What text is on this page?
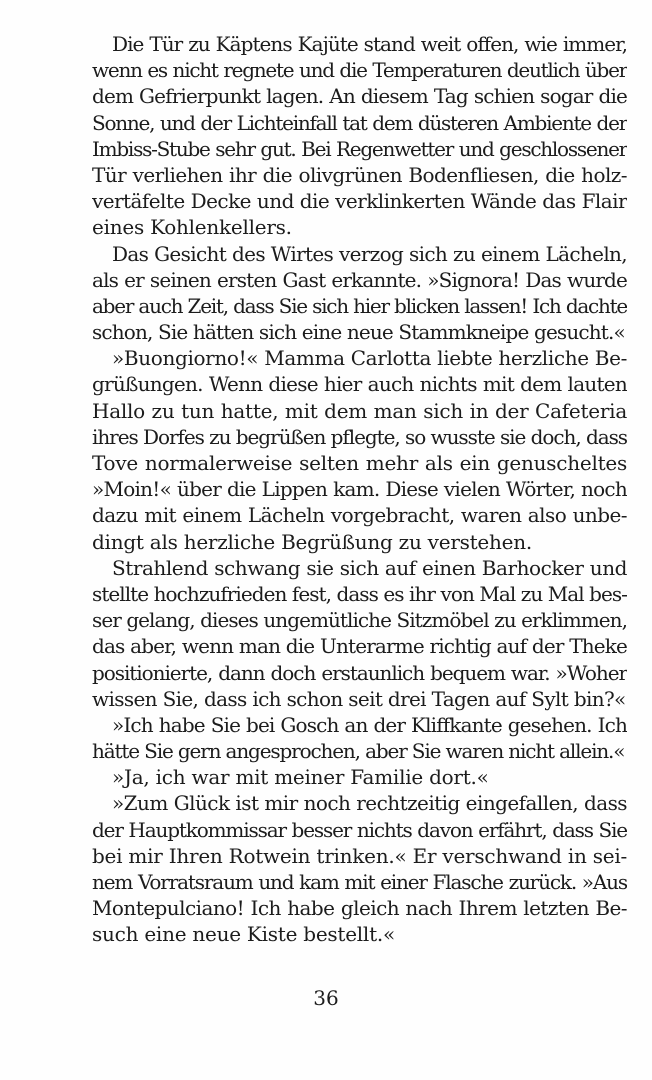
Die Tür zu Käptens Kajüte stand weit offen, wie immer,
wenn es nicht regnete und die Temperaturen deutlich über
dem Gefrierpunkt lagen. An diesem Tag schien sogar die
Sonne, und der Lichteinfall tat dem düsteren Ambiente der
Imbiss-Stube sehr gut. Bei Regenwetter und geschlossener
Tür verliehen ihr die olivgrünen Bodenfliesen, die holz-
vertäfelte Decke und die verklinkerten Wände das Flair
eines Kohlenkellers.
Das Gesicht des Wirtes verzog sich zu einem Lächeln,
als er seinen ersten Gast erkannte. »Signora! Das wurde
aber auch Zeit, dass Sie sich hier blicken lassen! Ich dachte
schon, Sie hätten sich eine neue Stammkneipe gesucht.«
»Buongiorno!« Mamma Carlotta liebte herzliche Be-
grüßungen. Wenn diese hier auch nichts mit dem lauten
Hallo zu tun hatte, mit dem man sich in der Cafeteria
ihres Dorfes zu begrüßen pflegte, so wusste sie doch, dass
Tove normalerweise selten mehr als ein genuscheltes
»Moin!« über die Lippen kam. Diese vielen Wörter, noch
dazu mit einem Lächeln vorgebracht, waren also unbe-
dingt als herzliche Begrüßung zu verstehen.
Strahlend schwang sie sich auf einen Barhocker und
stellte hochzufrieden fest, dass es ihr von Mal zu Mal bes-
ser gelang, dieses ungemütliche Sitzmöbel zu erklimmen,
das aber, wenn man die Unterarme richtig auf der Theke
positionierte, dann doch erstaunlich bequem war. »Woher
wissen Sie, dass ich schon seit drei Tagen auf Sylt bin?«
»Ich habe Sie bei Gosch an der Kliffkante gesehen. Ich
hätte Sie gern angesprochen, aber Sie waren nicht allein.«
»Ja, ich war mit meiner Familie dort.«
»Zum Glück ist mir noch rechtzeitig eingefallen, dass
der Hauptkommissar besser nichts davon erfährt, dass Sie
bei mir Ihren Rotwein trinken.« Er verschwand in sei-
nem Vorratsraum und kam mit einer Flasche zurück. »Aus
Montepulciano! Ich habe gleich nach Ihrem letzten Be-
such eine neue Kiste bestellt.«
36
